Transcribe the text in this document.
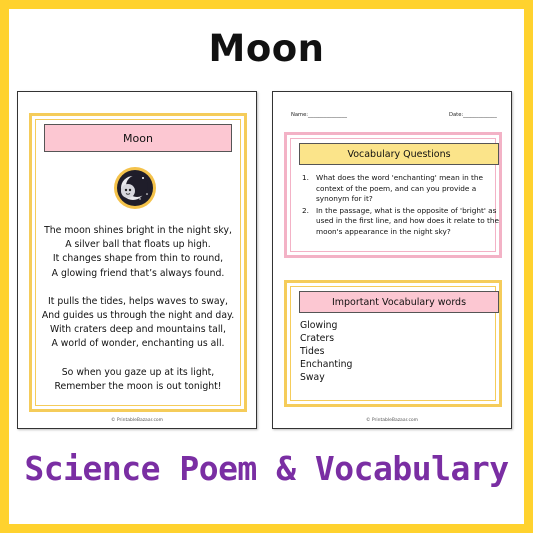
Moon
Moon
The moon shines bright in the night sky,
A silver ball that floats up high.
It changes shape from thin to round,
A glowing friend that’s always found.
It pulls the tides, helps waves to sway,
And guides us through the night and day.
With craters deep and mountains tall,
A world of wonder, enchanting us all.
So when you gaze up at its light,
Remember the moon is out tonight!
© PrintableBazaar.com
Name:_______________	Date:_____________
Vocabulary Questions
1. What does the word 'enchanting' mean in the context of the poem, and can you provide a synonym for it?
2. In the passage, what is the opposite of 'bright' as used in the first line, and how does it relate to the moon's appearance in the night sky?
Important Vocabulary words
Glowing
Craters
Tides
Enchanting
Sway
© PrintableBazaar.com
Science Poem & Vocabulary
